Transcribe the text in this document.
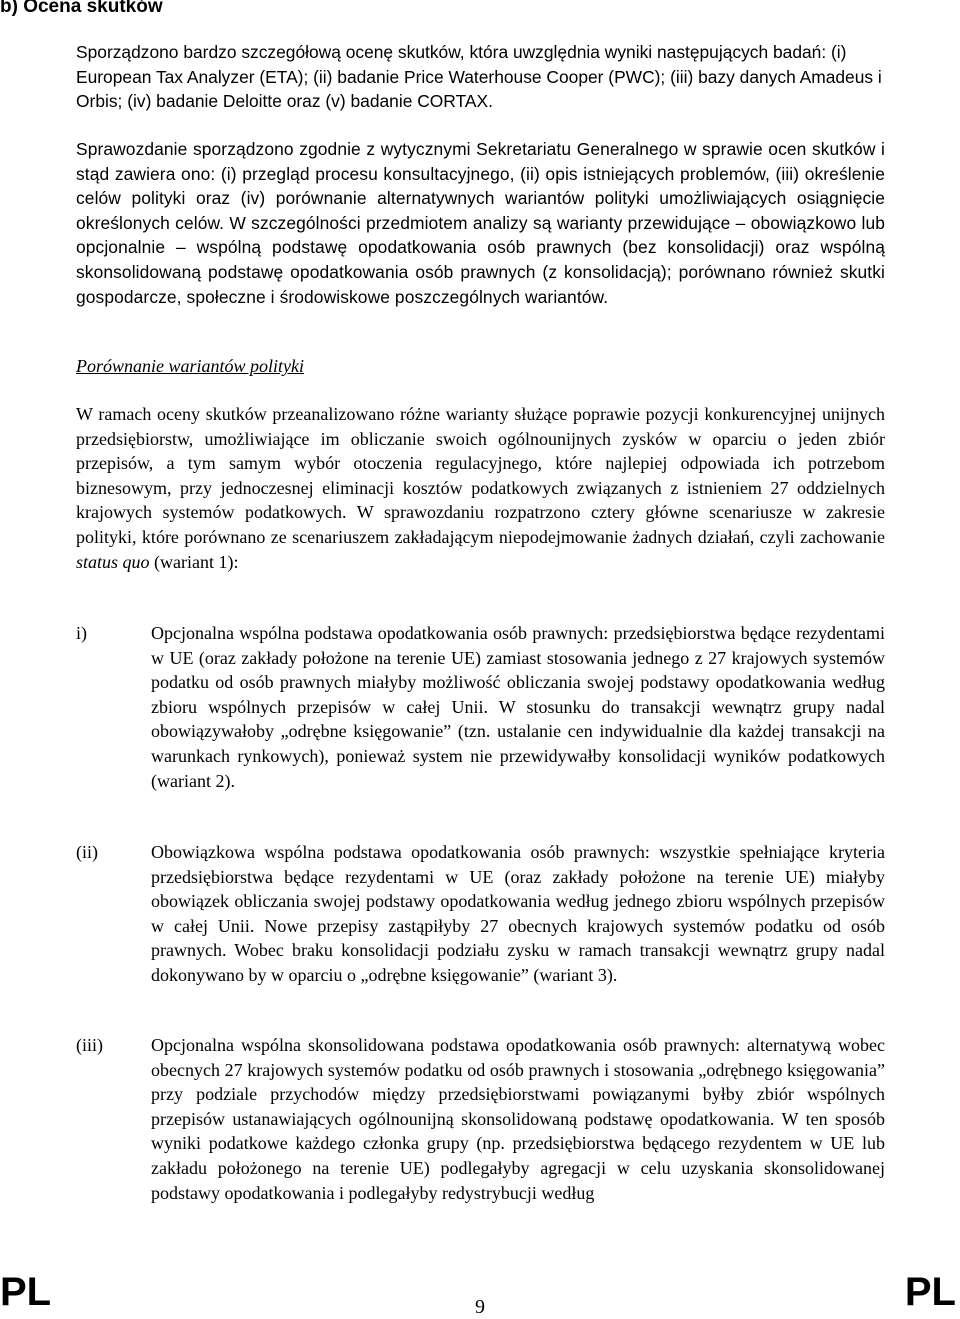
b) Ocena skutków

Sporządzono bardzo szczegółową ocenę skutków, która uwzględnia wyniki następujących badań: (i) European Tax Analyzer (ETA); (ii) badanie Price Waterhouse Cooper (PWC); (iii) bazy danych Amadeus i Orbis; (iv) badanie Deloitte oraz (v) badanie CORTAX.

Sprawozdanie sporządzono zgodnie z wytycznymi Sekretariatu Generalnego w sprawie ocen skutków i stąd zawiera ono: (i) przegląd procesu konsultacyjnego, (ii) opis istniejących problemów, (iii) określenie celów polityki oraz (iv) porównanie alternatywnych wariantów polityki umożliwiających osiągnięcie określonych celów. W szczególności przedmiotem analizy są warianty przewidujące – obowiązkowo lub opcjonalnie – wspólną podstawę opodatkowania osób prawnych (bez konsolidacji) oraz wspólną skonsolidowaną podstawę opodatkowania osób prawnych (z konsolidacją); porównano również skutki gospodarcze, społeczne i środowiskowe poszczególnych wariantów.

Porównanie wariantów polityki

W ramach oceny skutków przeanalizowano różne warianty służące poprawie pozycji konkurencyjnej unijnych przedsiębiorstw, umożliwiające im obliczanie swoich ogólnounijnych zysków w oparciu o jeden zbiór przepisów, a tym samym wybór otoczenia regulacyjnego, które najlepiej odpowiada ich potrzebom biznesowym, przy jednoczesnej eliminacji kosztów podatkowych związanych z istnieniem 27 oddzielnych krajowych systemów podatkowych. W sprawozdaniu rozpatrzono cztery główne scenariusze w zakresie polityki, które porównano ze scenariuszem zakładającym niepodejmowanie żadnych działań, czyli zachowanie status quo (wariant 1):

i)	Opcjonalna wspólna podstawa opodatkowania osób prawnych: przedsiębiorstwa będące rezydentami w UE (oraz zakłady położone na terenie UE) zamiast stosowania jednego z 27 krajowych systemów podatku od osób prawnych miałyby możliwość obliczania swojej podstawy opodatkowania według zbioru wspólnych przepisów w całej Unii. W stosunku do transakcji wewnątrz grupy nadal obowiązywałoby „odrębne księgowanie” (tzn. ustalanie cen indywidualnie dla każdej transakcji na warunkach rynkowych), ponieważ system nie przewidywałby konsolidacji wyników podatkowych (wariant 2).
(ii)	Obowiązkowa wspólna podstawa opodatkowania osób prawnych: wszystkie spełniające kryteria przedsiębiorstwa będące rezydentami w UE (oraz zakłady położone na terenie UE) miałyby obowiązek obliczania swojej podstawy opodatkowania według jednego zbioru wspólnych przepisów w całej Unii. Nowe przepisy zastąpiłyby 27 obecnych krajowych systemów podatku od osób prawnych. Wobec braku konsolidacji podziału zysku w ramach transakcji wewnątrz grupy nadal dokonywano by w oparciu o „odrębne księgowanie” (wariant 3).
(iii)	Opcjonalna wspólna skonsolidowana podstawa opodatkowania osób prawnych: alternatywą wobec obecnych 27 krajowych systemów podatku od osób prawnych i stosowania „odrębnego księgowania” przy podziale przychodów między przedsiębiorstwami powiązanymi byłby zbiór wspólnych przepisów ustanawiających ogólnounijną skonsolidowaną podstawę opodatkowania. W ten sposób wyniki podatkowe każdego członka grupy (np. przedsiębiorstwa będącego rezydentem w UE lub zakładu położonego na terenie UE) podlegałyby agregacji w celu uzyskania skonsolidowanej podstawy opodatkowania i podlegałyby redystrybucji według
PL	9	PL
